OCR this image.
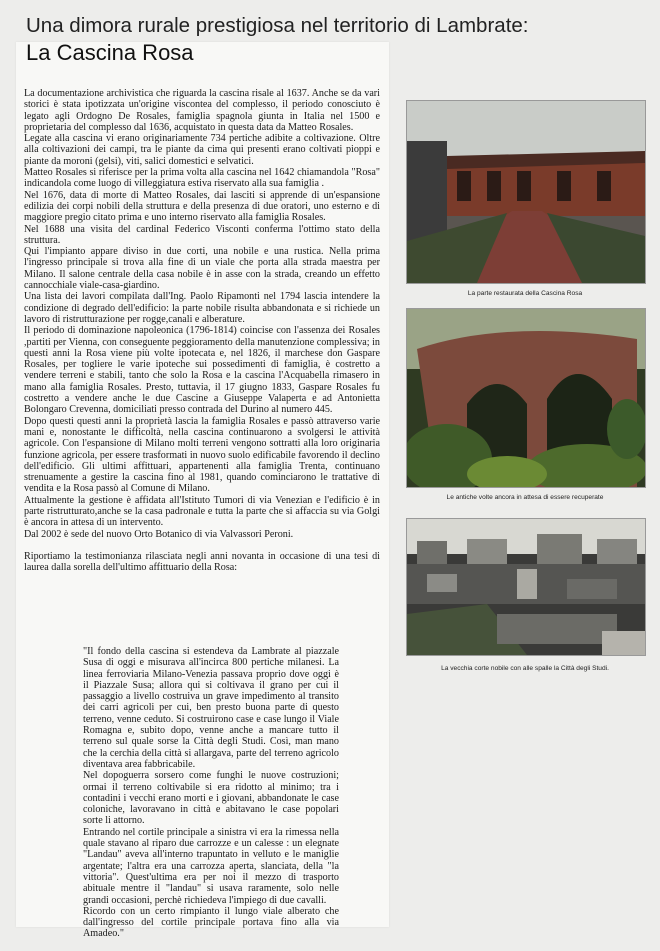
Una dimora rurale prestigiosa nel territorio di Lambrate:
La Cascina Rosa

La documentazione archivistica che riguarda la cascina risale al 1637. Anche se da vari storici è stata ipotizzata un'origine viscontea del complesso, il periodo conosciuto è legato agli Ordogno De Rosales, famiglia spagnola giunta in Italia nel 1500 e proprietaria del complesso dal 1636, acquistato in questa data da Matteo Rosales.

Legate alla cascina vi erano originariamente 734 pertiche adibite a coltivazione. Oltre alla coltivazioni dei campi, tra le piante da cima qui presenti erano coltivati pioppi e piante da moroni (gelsi), viti, salici domestici e selvatici.

Matteo Rosales si riferisce per la prima volta alla cascina nel 1642 chiamandola "Rosa" indicandola come luogo di villeggiatura estiva riservato alla sua famiglia .

Nel 1676, data di morte di Matteo Rosales, dai lasciti si apprende di un'espansione edilizia dei corpi nobili della struttura e della presenza di due oratori, uno esterno e di maggiore pregio citato prima e uno interno riservato alla famiglia Rosales.

Nel 1688 una visita del cardinal Federico Visconti conferma l'ottimo stato della struttura.

Qui l'impianto appare diviso in due corti, una nobile e una rustica. Nella prima l'ingresso principale si trova alla fine di un viale che porta alla strada maestra per Milano. Il salone centrale della casa nobile è in asse con la strada, creando un effetto cannocchiale viale-casa-giardino.

Una lista dei lavori compilata dall'Ing. Paolo Ripamonti nel 1794 lascia intendere la condizione di degrado dell'edificio: la parte nobile risulta abbandonata e si richiede un lavoro di ristrutturazione per rogge,canali e alberature.

Il periodo di dominazione napoleonica (1796-1814) coincise con l'assenza dei Rosales ,partiti per Vienna, con conseguente peggioramento della manutenzione complessiva; in questi anni la Rosa viene più volte ipotecata e, nel 1826, il marchese don Gaspare Rosales, per togliere le varie ipoteche sui possedimenti di famiglia, è costretto a vendere terreni e stabili, tanto che solo la Rosa e la cascina l'Acquabella rimasero in mano alla famiglia Rosales. Presto, tuttavia, il 17 giugno 1833, Gaspare Rosales fu costretto a vendere anche le due Cascine a Giuseppe Valaperta e ad Antonietta Bolongaro Crevenna, domiciliati presso contrada del Durino al numero 445.

Dopo questi questi anni la proprietà lascia la famiglia Rosales e passò attraverso varie mani e, nonostante le difficoltà, nella cascina continuarono a svolgersi le attività agricole. Con l'espansione di Milano molti terreni vengono sottratti alla loro originaria funzione agricola, per essere trasformati in nuovo suolo edificabile favorendo il declino dell'edificio. Gli ultimi affittuari, appartenenti alla famiglia Trenta, continuano strenuamente a gestire la cascina fino al 1981, quando cominciarono le trattative di vendita e la Rosa passò al Comune di Milano.

Attualmente la gestione è affidata all'Istituto Tumori di via Venezian e l'edificio è in parte ristrutturato,anche se la casa padronale e tutta la parte che si affaccia su via Golgi è ancora in attesa di un intervento.

Dal 2002 è sede del nuovo Orto Botanico di via Valvassori Peroni.

Riportiamo la testimonianza rilasciata negli anni novanta in occasione di una tesi di laurea dalla sorella dell'ultimo affittuario della Rosa:

"Il fondo della cascina si estendeva da Lambrate al piazzale Susa di oggi e misurava all'incirca 800 pertiche milanesi. La linea ferroviaria Milano-Venezia passava proprio dove oggi è il Piazzale Susa; allora qui si coltivava il grano per cui il passaggio a livello costruiva un grave impedimento al transito dei carri agricoli per cui, ben presto buona parte di questo terreno, venne ceduto. Si costruirono case e case lungo il Viale Romagna e, subito dopo, venne anche a mancare tutto il terreno sul quale sorse la Città degli Studi. Così, man mano che la cerchia della città si allargava, parte del terreno agricolo diventava area fabbricabile.

Nel dopoguerra sorsero come funghi le nuove costruzioni; ormai il terreno coltivabile si era ridotto al minimo; tra i contadini i vecchi erano morti e i giovani, abbandonate le case coloniche, lavoravano in città e abitavano le case popolari sorte li attorno.

Entrando nel cortile principale a sinistra vi era la rimessa nella quale stavano al riparo due carrozze e un calesse : un elegnate "Landau" aveva all'interno trapuntato in velluto e le maniglie argentate; l'altra era una carrozza aperta, slanciata, della "la vittoria". Quest'ultima era per noi il mezzo di trasporto abituale mentre il "landau" si usava raramente, solo nelle grandi occasioni, perchè richiedeva l'impiego di due cavalli.

Ricordo con un certo rimpianto il lungo viale alberato che dall'ingresso del cortile principale portava fino alla via Amadeo."

La parte restaurata della Cascina Rosa
Le antiche volte ancora in attesa di essere recuperate
La vecchia corte nobile con alle spalle la Città degli Studi.
